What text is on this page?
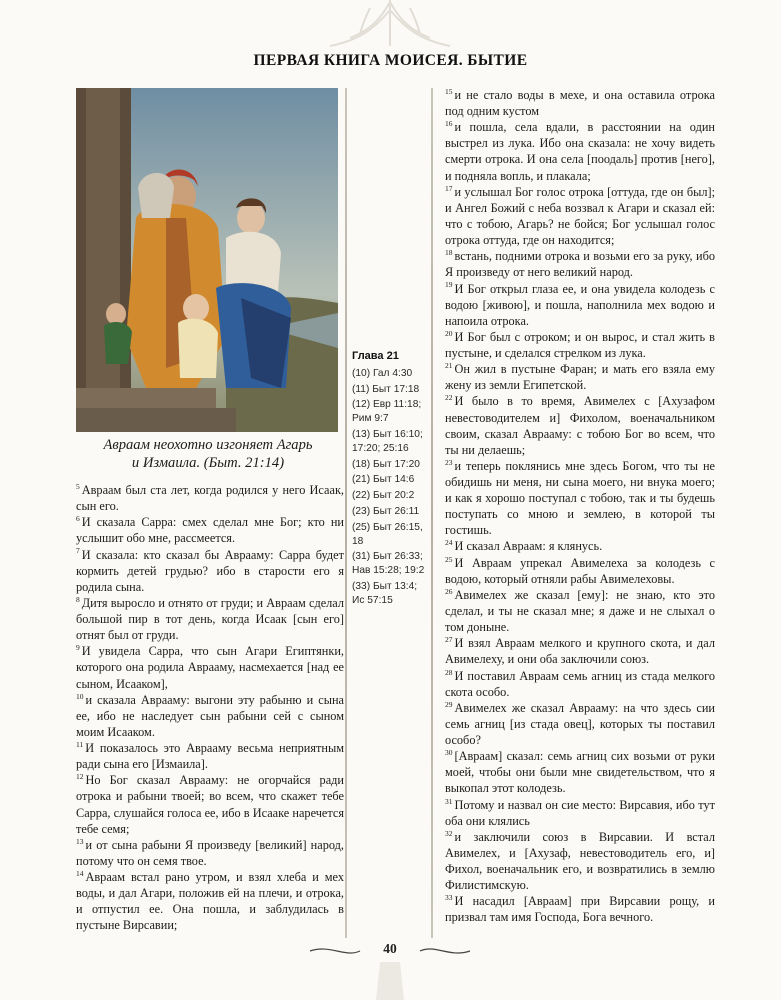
ПЕРВАЯ КНИГА МОИСЕЯ. БЫТИЕ
Авраам неохотно изгоняет Агарь
и Измаила. (Быт. 21:14)

$^5$ Авраам был ста лет, когда родился у него Исаак, сын его.

$^6$ И сказала Сарра: смех сделал мне Бог; кто ни услышит обо мне, рассмеется.

$^7$ И сказала: кто сказал бы Аврааму: Сарра будет кормить детей грудью? ибо в старости его я родила сына.

$^8$ Дитя выросло и отнято от груди; и Авраам сделал большой пир в тот день, когда Исаак [сын его] отнят был от груди.

$^9$ И увидела Сарра, что сын Агари Египтянки, которого она родила Аврааму, насмехается [над ее сыном, Исааком],

$^{10}$ и сказала Аврааму: выгони эту рабыню и сына ее, ибо не наследует сын рабыни сей с сыном моим Исааком.

$^{11}$ И показалось это Аврааму весьма неприятным ради сына его [Измаила].

$^{12}$ Но Бог сказал Аврааму: не огорчайся ради отрока и рабыни твоей; во всем, что скажет тебе Сарра, слушайся голоса ее, ибо в Исааке наречется тебе семя;

$^{13}$ и от сына рабыни Я произведу [великий] народ, потому что он семя твое.

$^{14}$ Авраам встал рано утром, и взял хлеба и мех воды, и дал Агари, положив ей на плечи, и отрока, и отпустил ее. Она пошла, и заблудилась в пустыне Вирсавии;

Глава 21
(10) Гал 4:30
(11) Быт 17:18
(12) Евр 11:18; Рим 9:7
(13) Быт 16:10; 17:20; 25:16
(18) Быт 17:20
(21) Быт 14:6
(22) Быт 20:2
(23) Быт 26:11
(25) Быт 26:15, 18
(31) Быт 26:33; Нав 15:28; 19:2
(33) Быт 13:4; Ис 57:15

$^{15}$ и не стало воды в мехе, и она оставила отрока под одним кустом

$^{16}$ и пошла, села вдали, в расстоянии на один выстрел из лука. Ибо она сказала: не хочу видеть смерти отрока. И она села [поодаль] против [него], и подняла вопль, и плакала;

$^{17}$ и услышал Бог голос отрока [оттуда, где он был]; и Ангел Божий с неба воззвал к Агари и сказал ей: что с тобою, Агарь? не бойся; Бог услышал голос отрока оттуда, где он находится;

$^{18}$ встань, подними отрока и возьми его за руку, ибо Я произведу от него великий народ.

$^{19}$ И Бог открыл глаза ее, и она увидела колодезь с водою [живою], и пошла, наполнила мех водою и напоила отрока.

$^{20}$ И Бог был с отроком; и он вырос, и стал жить в пустыне, и сделался стрелком из лука.

$^{21}$ Он жил в пустыне Фаран; и мать его взяла ему жену из земли Египетской.

$^{22}$ И было в то время, Авимелех с [Ахузафом невестоводителем и] Фихолом, военачальником своим, сказал Аврааму: с тобою Бог во всем, что ты ни делаешь;

$^{23}$ и теперь поклянись мне здесь Богом, что ты не обидишь ни меня, ни сына моего, ни внука моего; и как я хорошо поступал с тобою, так и ты будешь поступать со мною и землею, в которой ты гостишь.

$^{24}$ И сказал Авраам: я клянусь.

$^{25}$ И Авраам упрекал Авимелеха за колодезь с водою, который отняли рабы Авимелеховы.

$^{26}$ Авимелех же сказал [ему]: не знаю, кто это сделал, и ты не сказал мне; я даже и не слыхал о том доныне.

$^{27}$ И взял Авраам мелкого и крупного скота, и дал Авимелеху, и они оба заключили союз.

$^{28}$ И поставил Авраам семь агниц из стада мелкого скота особо.

$^{29}$ Авимелех же сказал Аврааму: на что здесь сии семь агниц [из стада овец], которых ты поставил особо?

$^{30}$ [Авраам] сказал: семь агниц сих возьми от руки моей, чтобы они были мне свидетельством, что я выкопал этот колодезь.

$^{31}$ Потому и назвал он сие место: Вирсавия, ибо тут оба они клялись

$^{32}$ и заключили союз в Вирсавии. И встал Авимелех, и [Ахузаф, невестоводитель его, и] Фихол, военачальник его, и возвратились в землю Филистимскую.

$^{33}$ И насадил [Авраам] при Вирсавии рощу, и призвал там имя Господа, Бога вечного.

40
